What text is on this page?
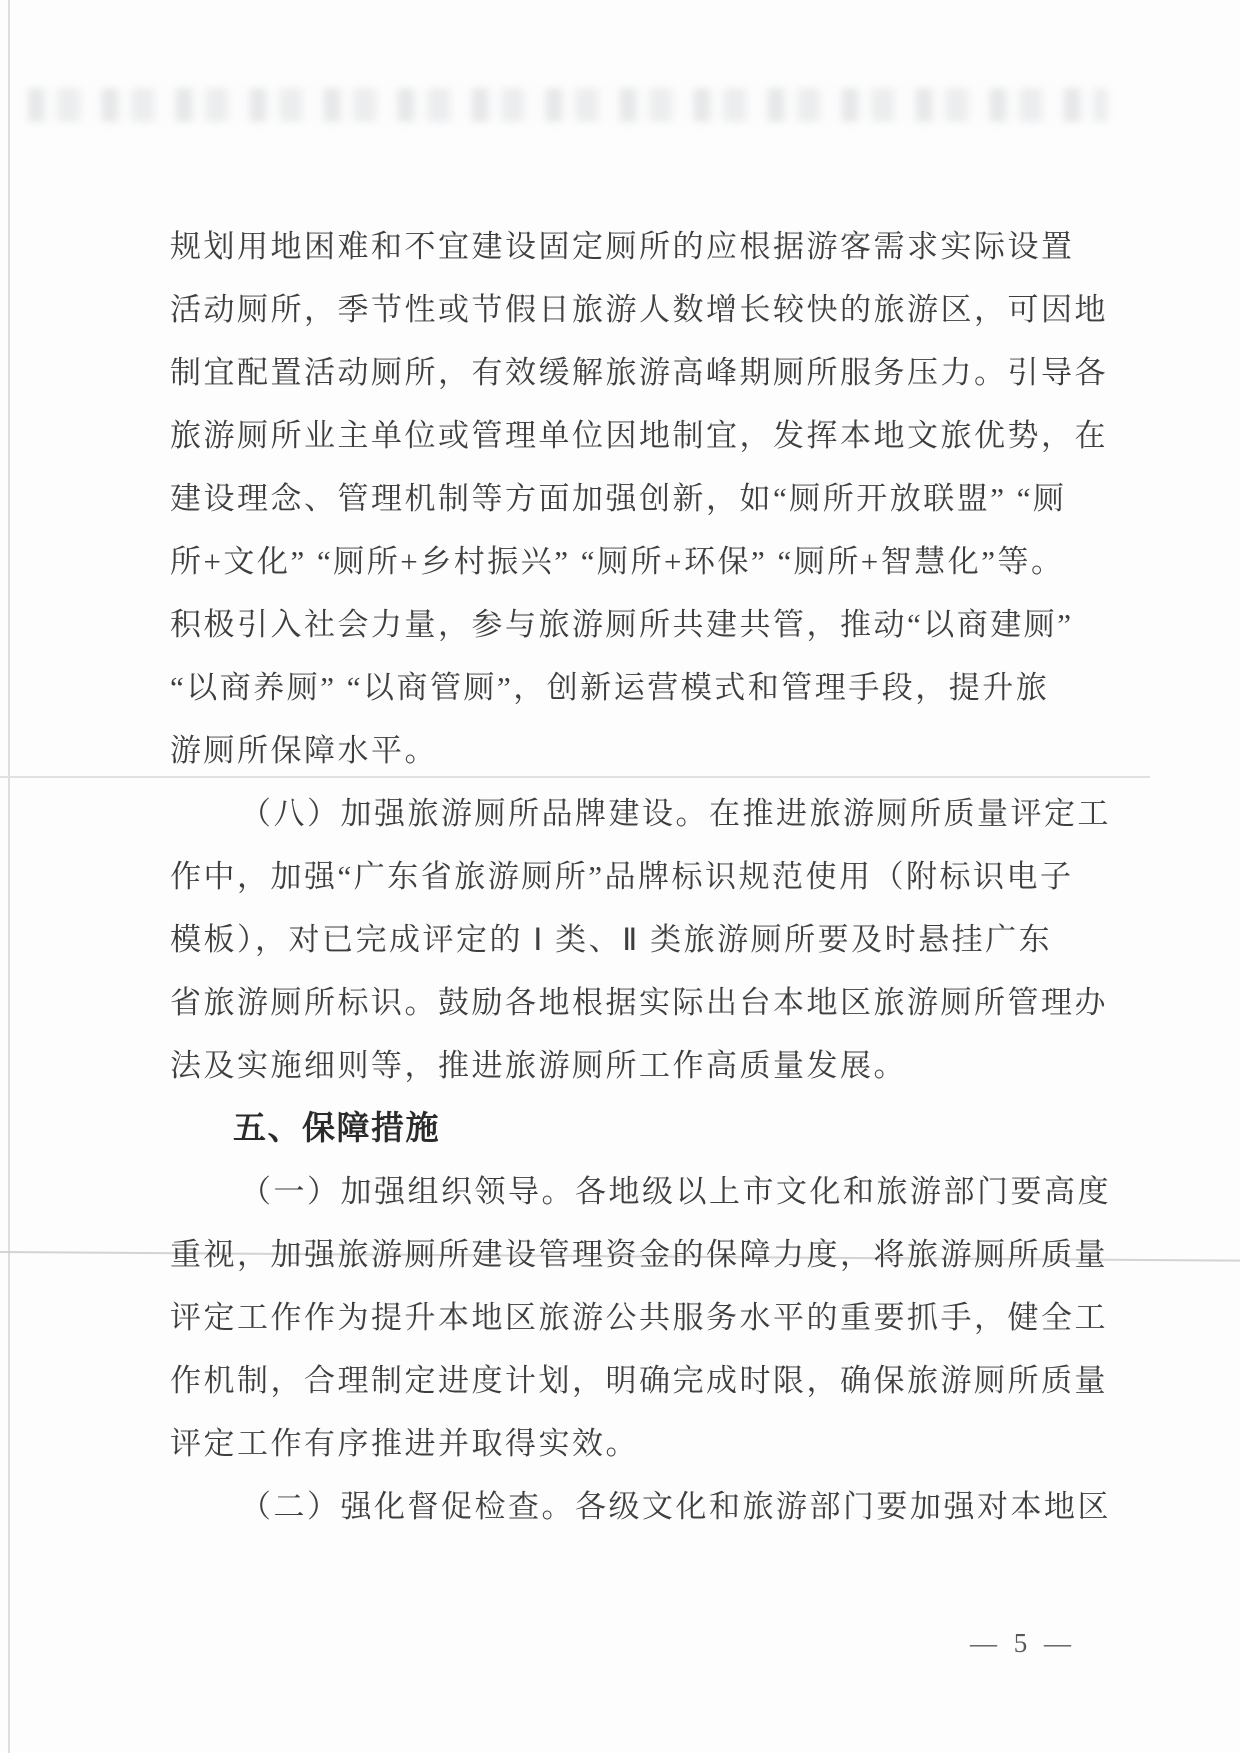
规划用地困难和不宜建设固定厕所的应根据游客需求实际设置
活动厕所，季节性或节假日旅游人数增长较快的旅游区，可因地
制宜配置活动厕所，有效缓解旅游高峰期厕所服务压力。引导各
旅游厕所业主单位或管理单位因地制宜，发挥本地文旅优势，在
建设理念、管理机制等方面加强创新，如“厕所开放联盟” “厕
所+文化” “厕所+乡村振兴” “厕所+环保” “厕所+智慧化”等。
积极引入社会力量，参与旅游厕所共建共管，推动“以商建厕”
“以商养厕” “以商管厕”，创新运营模式和管理手段，提升旅
游厕所保障水平。
（八）加强旅游厕所品牌建设。在推进旅游厕所质量评定工
作中，加强“广东省旅游厕所”品牌标识规范使用（附标识电子
模板），对已完成评定的 Ⅰ 类、Ⅱ 类旅游厕所要及时悬挂广东
省旅游厕所标识。鼓励各地根据实际出台本地区旅游厕所管理办
法及实施细则等，推进旅游厕所工作高质量发展。
五、保障措施
（一）加强组织领导。各地级以上市文化和旅游部门要高度
重视，加强旅游厕所建设管理资金的保障力度，将旅游厕所质量
评定工作作为提升本地区旅游公共服务水平的重要抓手，健全工
作机制，合理制定进度计划，明确完成时限，确保旅游厕所质量
评定工作有序推进并取得实效。
（二）强化督促检查。各级文化和旅游部门要加强对本地区
— 5 —
